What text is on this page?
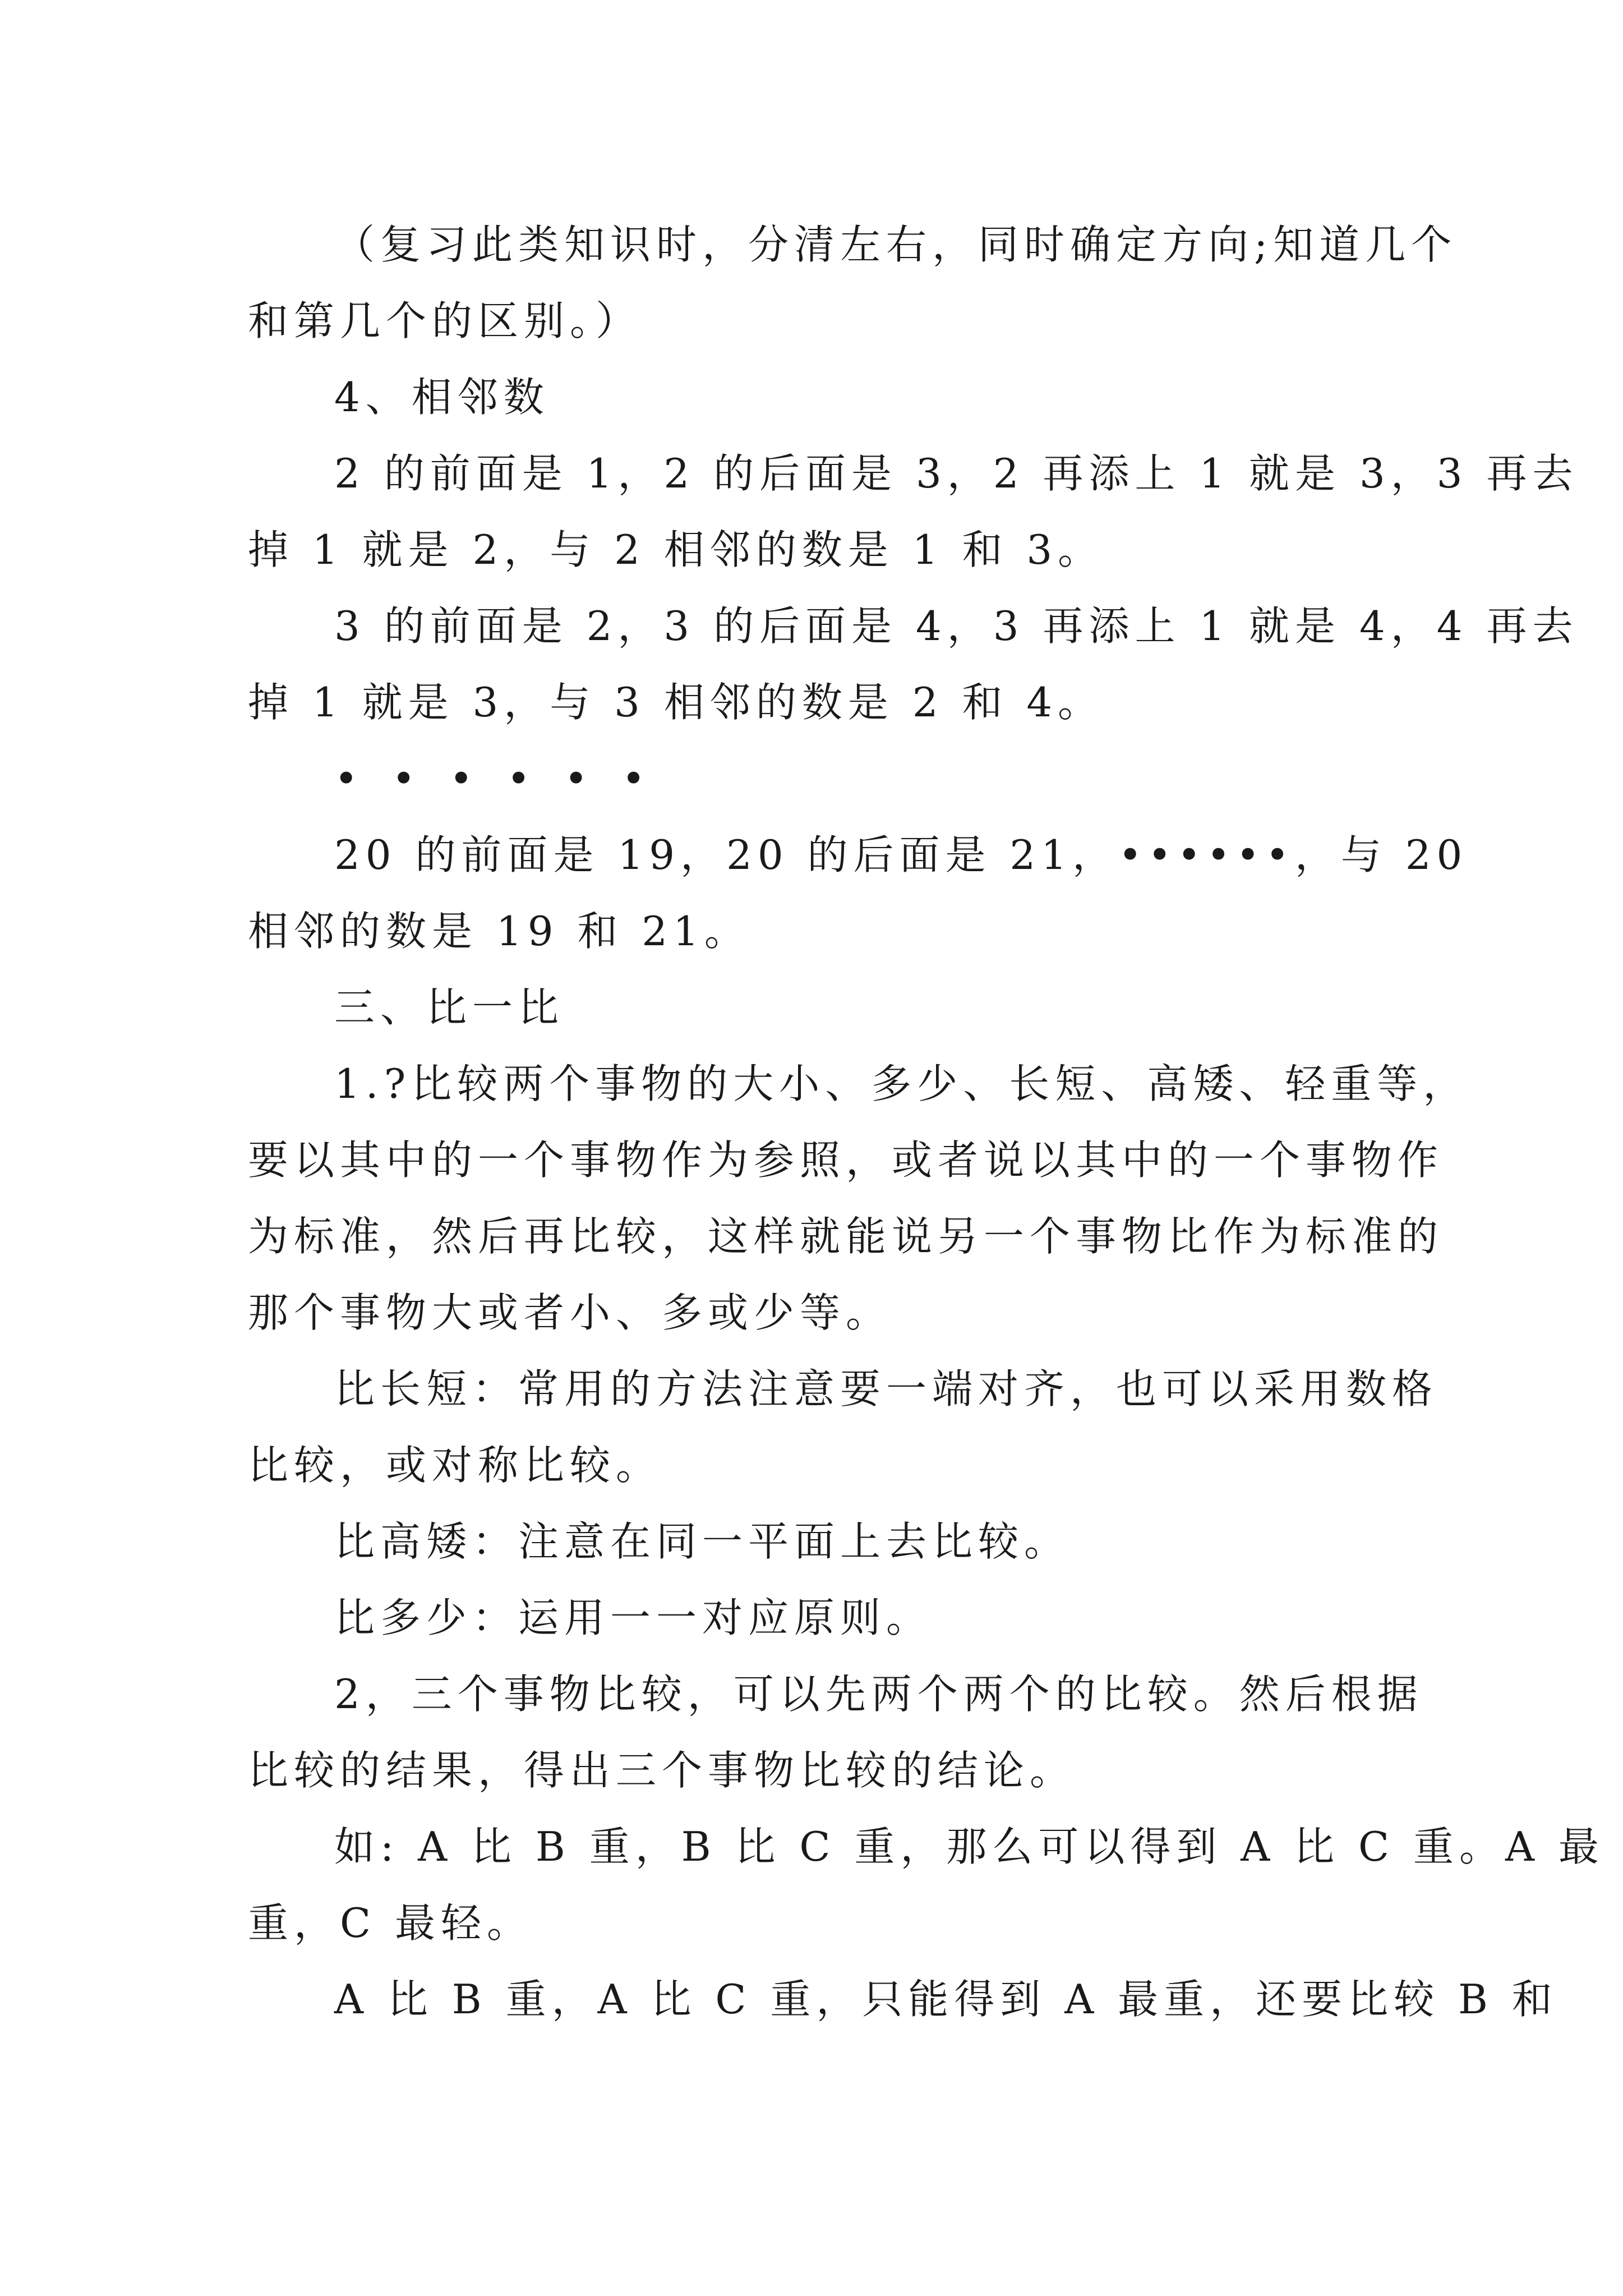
（复习此类知识时，分清左右，同时确定方向;知道几个
和第几个的区别。）
4、相邻数
2 的前面是 1，2 的后面是 3，2 再添上 1 就是 3，3 再去
掉 1 就是 2，与 2 相邻的数是 1 和 3。
3 的前面是 2，3 的后面是 4，3 再添上 1 就是 4，4 再去
掉 1 就是 3，与 3 相邻的数是 2 和 4。
••••••
20 的前面是 19，20 的后面是 21，••••••，与 20
相邻的数是 19 和 21。
三、比一比
1.?比较两个事物的大小、多少、长短、高矮、轻重等，
要以其中的一个事物作为参照，或者说以其中的一个事物作
为标准，然后再比较，这样就能说另一个事物比作为标准的
那个事物大或者小、多或少等。
比长短：常用的方法注意要一端对齐，也可以采用数格
比较，或对称比较。
比高矮：注意在同一平面上去比较。
比多少：运用一一对应原则。
2，三个事物比较，可以先两个两个的比较。然后根据
比较的结果，得出三个事物比较的结论。
如: A 比 B 重，B 比 C 重，那么可以得到 A 比 C 重。A 最
重，C 最轻。
A 比 B 重，A 比 C 重，只能得到 A 最重，还要比较 B 和
